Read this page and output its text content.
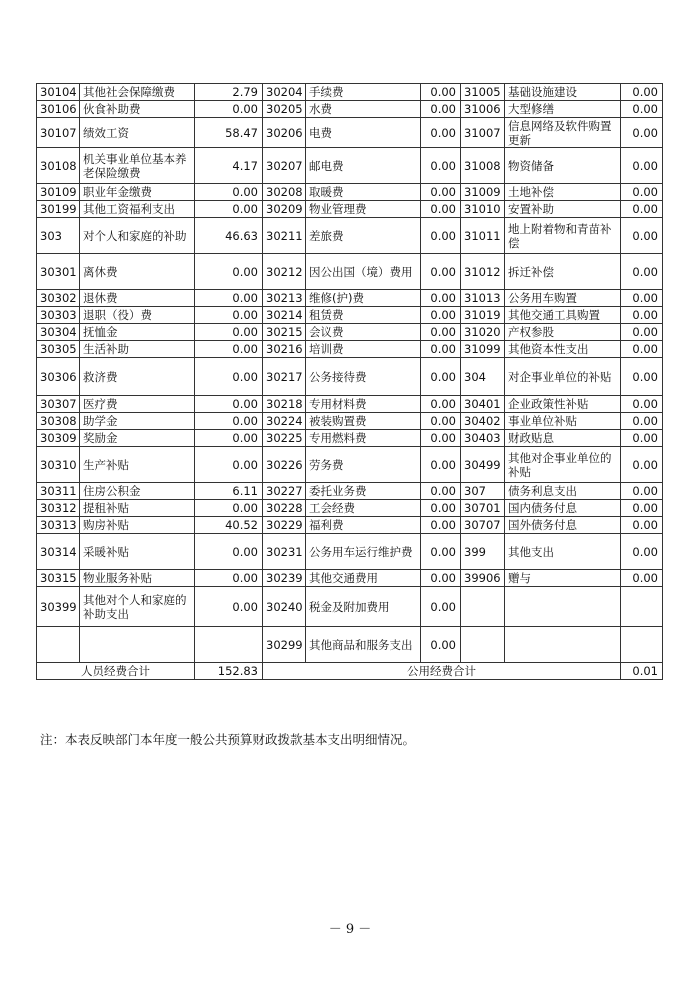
30104	其他社会保障缴费	2.79	30204	手续费	0.00	31005	基础设施建设	0.00
30106	伙食补助费	0.00	30205	水费	0.00	31006	大型修缮	0.00
30107	绩效工资	58.47	30206	电费	0.00	31007	信息网络及软件购置更新	0.00
30108	机关事业单位基本养老保险缴费	4.17	30207	邮电费	0.00	31008	物资储备	0.00
30109	职业年金缴费	0.00	30208	取暖费	0.00	31009	土地补偿	0.00
30199	其他工资福利支出	0.00	30209	物业管理费	0.00	31010	安置补助	0.00
303	对个人和家庭的补助	46.63	30211	差旅费	0.00	31011	地上附着物和青苗补偿	0.00
30301	离休费	0.00	30212	因公出国（境）费用	0.00	31012	拆迁补偿	0.00
30302	退休费	0.00	30213	维修(护)费	0.00	31013	公务用车购置	0.00
30303	退职（役）费	0.00	30214	租赁费	0.00	31019	其他交通工具购置	0.00
30304	抚恤金	0.00	30215	会议费	0.00	31020	产权参股	0.00
30305	生活补助	0.00	30216	培训费	0.00	31099	其他资本性支出	0.00
30306	救济费	0.00	30217	公务接待费	0.00	304	对企事业单位的补贴	0.00
30307	医疗费	0.00	30218	专用材料费	0.00	30401	企业政策性补贴	0.00
30308	助学金	0.00	30224	被装购置费	0.00	30402	事业单位补贴	0.00
30309	奖励金	0.00	30225	专用燃料费	0.00	30403	财政贴息	0.00
30310	生产补贴	0.00	30226	劳务费	0.00	30499	其他对企事业单位的补贴	0.00
30311	住房公积金	6.11	30227	委托业务费	0.00	307	债务利息支出	0.00
30312	提租补贴	0.00	30228	工会经费	0.00	30701	国内债务付息	0.00
30313	购房补贴	40.52	30229	福利费	0.00	30707	国外债务付息	0.00
30314	采暖补贴	0.00	30231	公务用车运行维护费	0.00	399	其他支出	0.00
30315	物业服务补贴	0.00	30239	其他交通费用	0.00	39906	赠与	0.00
30399	其他对个人和家庭的补助支出	0.00	30240	税金及附加费用	0.00			
			30299	其他商品和服务支出	0.00			
人员经费合计		152.83	公用经费合计					0.01
注：本表反映部门本年度一般公共预算财政拨款基本支出明细情况。
－ 9 －
